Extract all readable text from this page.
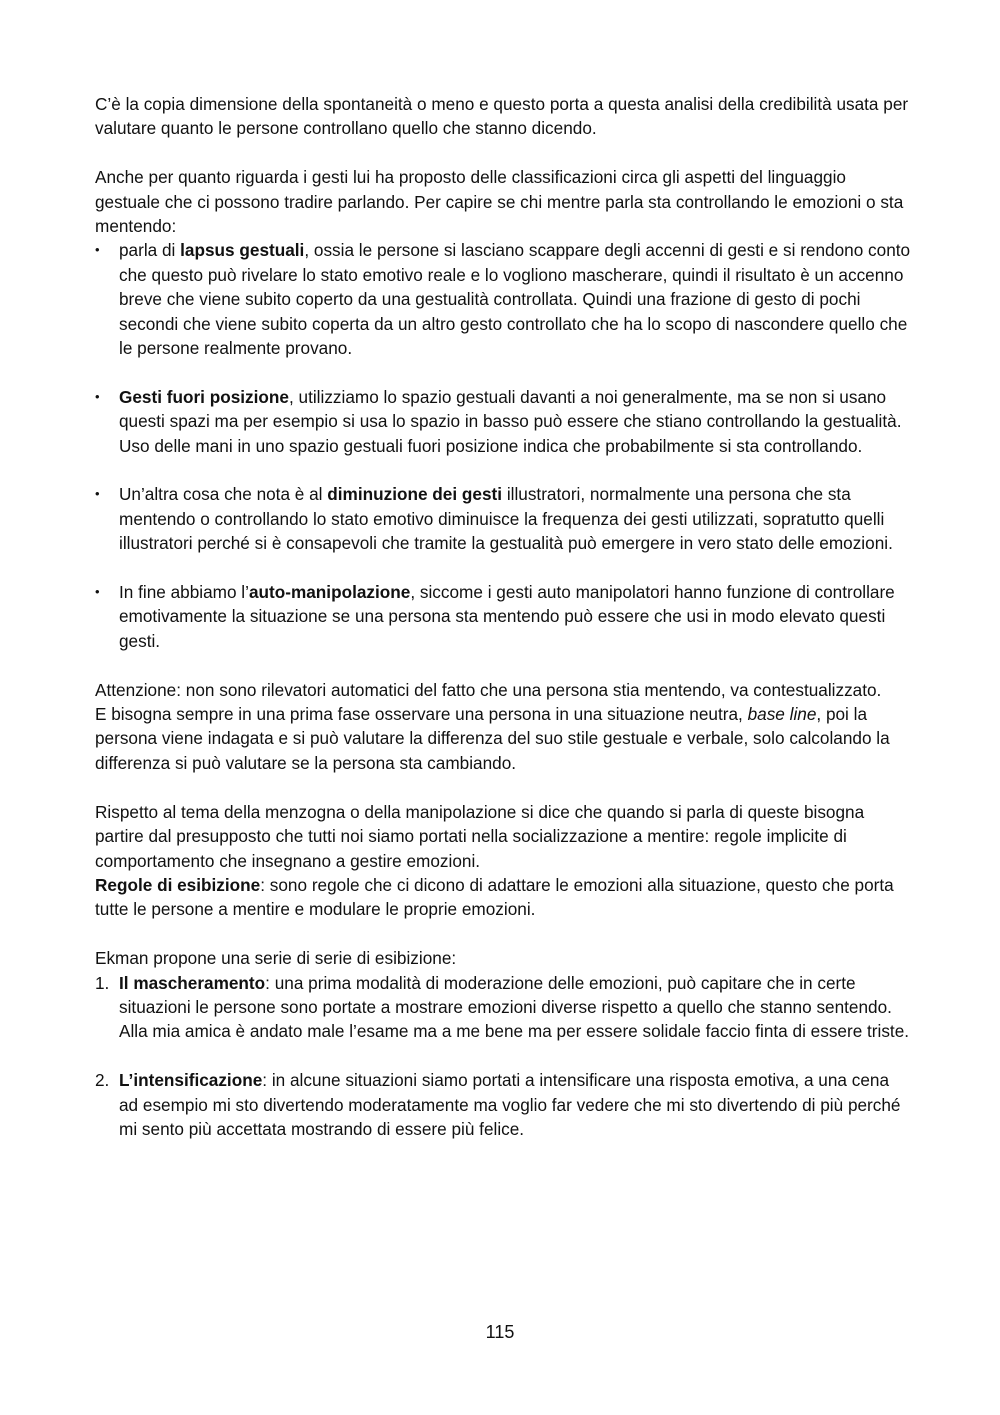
C’è la copia dimensione della spontaneità o meno e questo porta a questa analisi della credibilità usata per valutare quanto le persone controllano quello che stanno dicendo.

Anche per quanto riguarda i gesti lui ha proposto delle classificazioni circa gli aspetti del linguaggio gestuale che ci possono tradire parlando. Per capire se chi mentre parla sta controllando le emozioni o sta mentendo:

•	parla di lapsus gestuali, ossia le persone si lasciano scappare degli accenni di gesti e si rendono conto che questo può rivelare lo stato emotivo reale e lo vogliono mascherare, quindi il risultato è un accenno breve che viene subito coperto da una gestualità controllata. Quindi una frazione di gesto di pochi secondi che viene subito coperta da un altro gesto controllato che ha lo scopo di nascondere quello che le persone realmente provano.
•	Gesti fuori posizione, utilizziamo lo spazio gestuali davanti a noi generalmente, ma se non si usano questi spazi ma per esempio si usa lo spazio in basso può essere che stiano controllando la gestualità. Uso delle mani in uno spazio gestuali fuori posizione indica che probabilmente si sta controllando.
•	Un’altra cosa che nota è al diminuzione dei gesti illustratori, normalmente una persona che sta mentendo o controllando lo stato emotivo diminuisce la frequenza dei gesti utilizzati, sopratutto quelli illustratori perché si è consapevoli che tramite la gestualità può emergere in vero stato delle emozioni.
•	In fine abbiamo l’auto-manipolazione, siccome i gesti auto manipolatori hanno funzione di controllare emotivamente la situazione se una persona sta mentendo può essere che usi in modo elevato questi gesti.

Attenzione: non sono rilevatori automatici del fatto che una persona stia mentendo, va contestualizzato.

E bisogna sempre in una prima fase osservare una persona in una situazione neutra, base line, poi la persona viene indagata e si può valutare la differenza del suo stile gestuale e verbale, solo calcolando la differenza si può valutare se la persona sta cambiando.

Rispetto al tema della menzogna o della manipolazione si dice che quando si parla di queste bisogna partire dal presupposto che tutti noi siamo portati nella socializzazione a mentire: regole implicite di comportamento che insegnano a gestire emozioni.

Regole di esibizione: sono regole che ci dicono di adattare le emozioni alla situazione, questo che porta tutte le persone a mentire e modulare le proprie emozioni.

Ekman propone una serie di serie di esibizione:

1. Il mascheramento: una prima modalità di moderazione delle emozioni, può capitare che in certe situazioni le persone sono portate a mostrare emozioni diverse rispetto a quello che stanno sentendo. Alla mia amica è andato male l’esame ma a me bene ma per essere solidale faccio finta di essere triste.
2. L’intensificazione: in alcune situazioni siamo portati a intensificare una risposta emotiva, a una cena ad esempio mi sto divertendo moderatamente ma voglio far vedere che mi sto divertendo di più perché mi sento più accettata mostrando di essere più felice.
115
